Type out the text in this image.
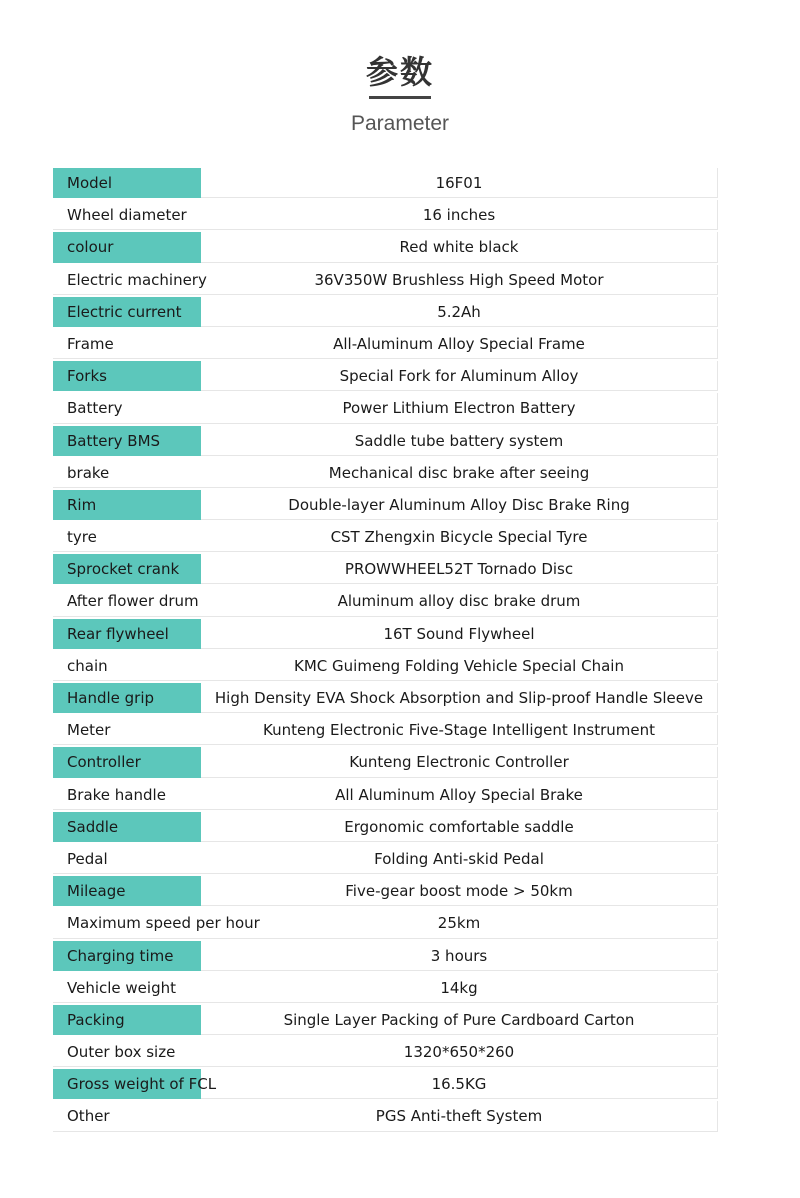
参数
Parameter
Model	16F01
Wheel diameter	16 inches
colour	Red white black
Electric machinery	36V350W Brushless High Speed Motor
Electric current	5.2Ah
Frame	All-Aluminum Alloy Special Frame
Forks	Special Fork for Aluminum Alloy
Battery	Power Lithium Electron Battery
Battery BMS	Saddle tube battery system
brake	Mechanical disc brake after seeing
Rim	Double-layer Aluminum Alloy Disc Brake Ring
tyre	CST Zhengxin Bicycle Special Tyre
Sprocket crank	PROWWHEEL52T Tornado Disc
After flower drum	Aluminum alloy disc brake drum
Rear flywheel	16T Sound Flywheel
chain	KMC Guimeng Folding Vehicle Special Chain
Handle grip	High Density EVA Shock Absorption and Slip-proof Handle Sleeve
Meter	Kunteng Electronic Five-Stage Intelligent Instrument
Controller	Kunteng Electronic Controller
Brake handle	All Aluminum Alloy Special Brake
Saddle	Ergonomic comfortable saddle
Pedal	Folding Anti-skid Pedal
Mileage	Five-gear boost mode > 50km
Maximum speed per hour	25km
Charging time	3 hours
Vehicle weight	14kg
Packing	Single Layer Packing of Pure Cardboard Carton
Outer box size	1320*650*260
Gross weight of FCL	16.5KG
Other	PGS Anti-theft System
